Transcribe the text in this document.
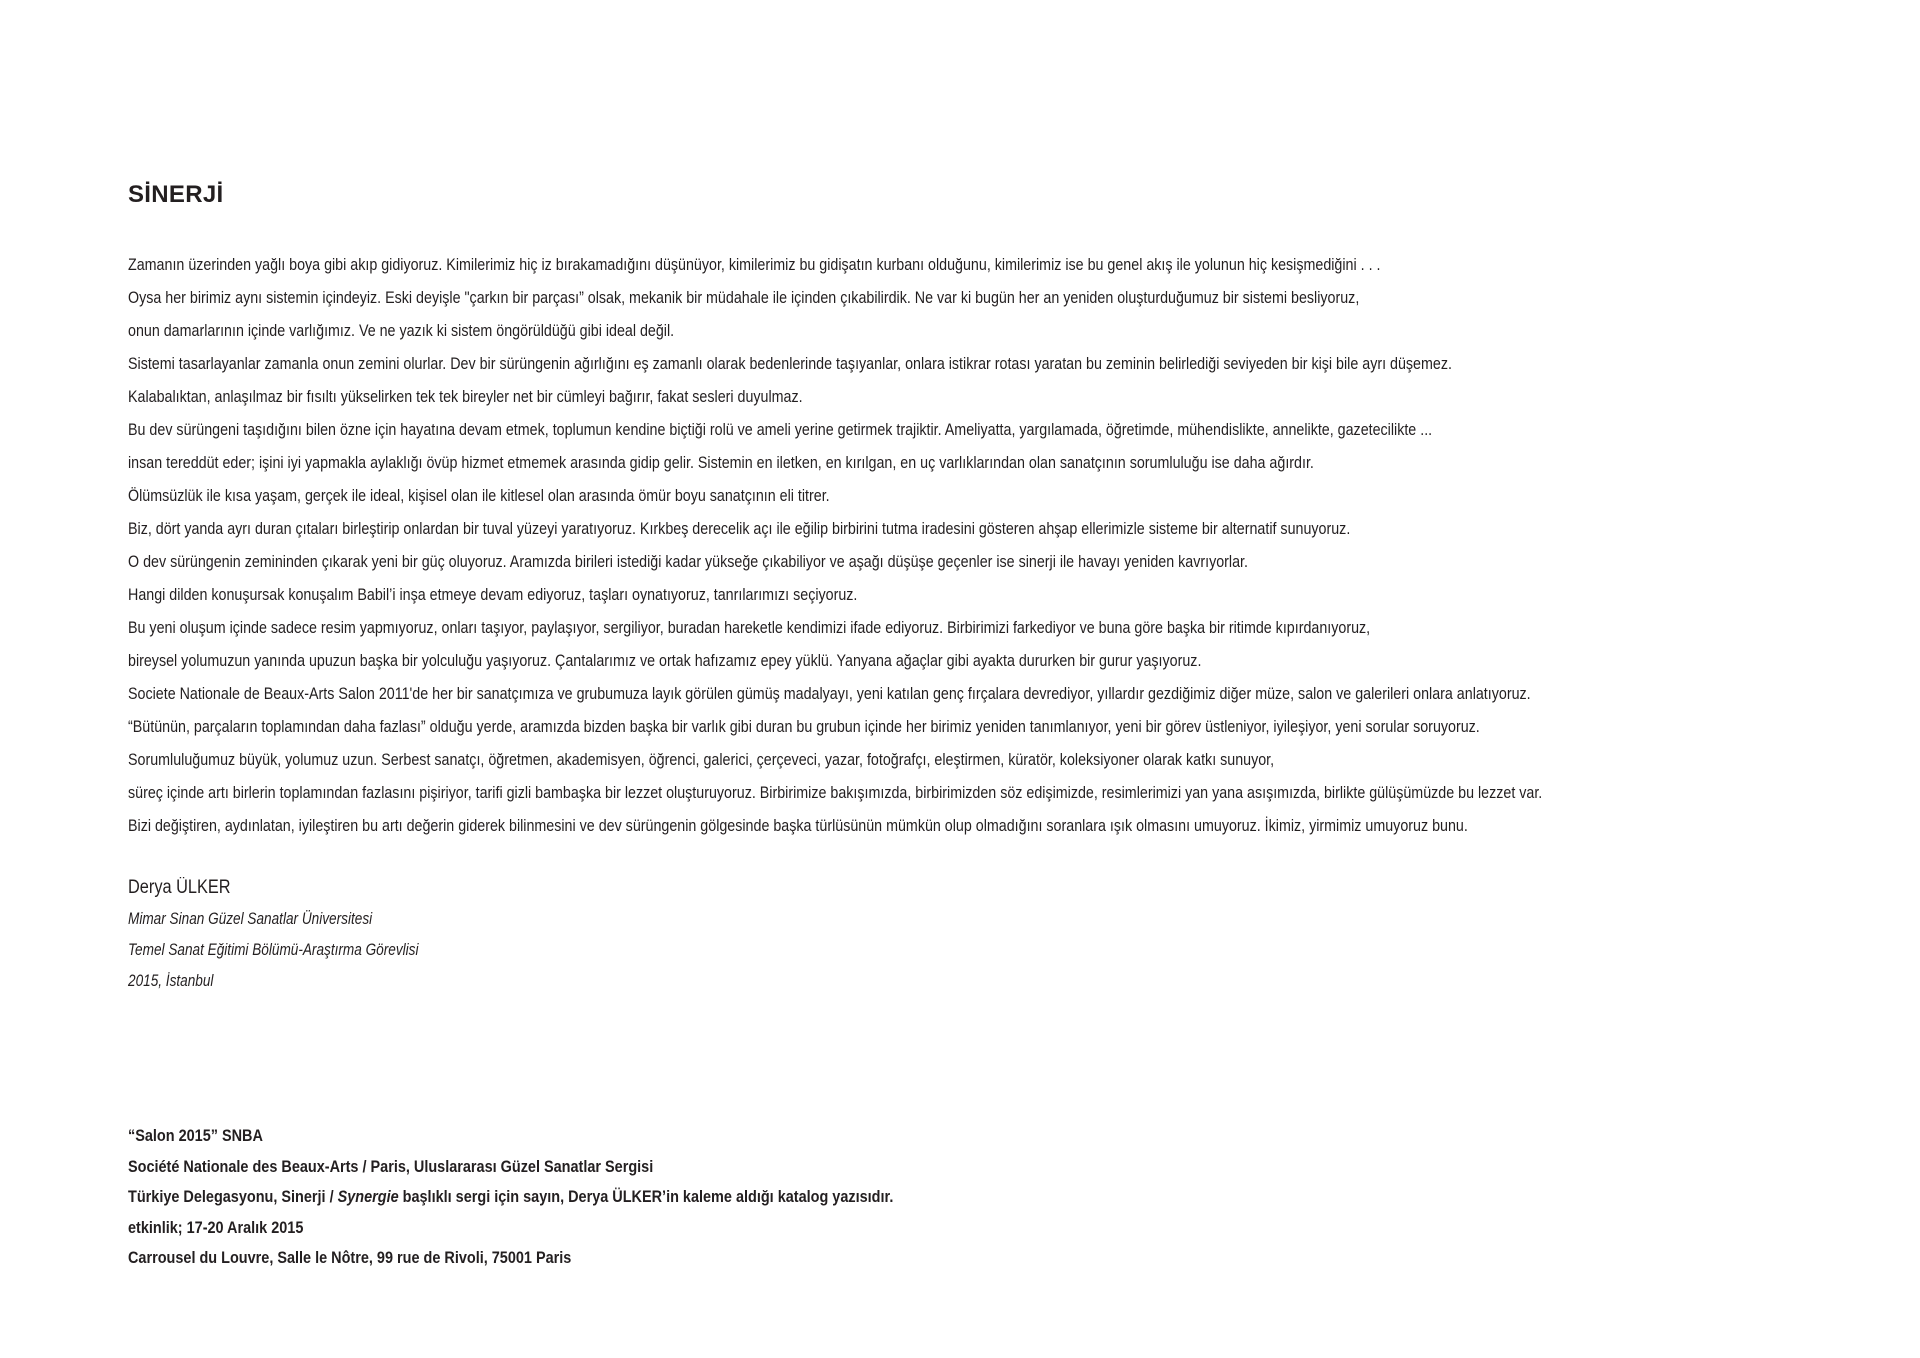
SİNERJİ
Zamanın üzerinden yağlı boya gibi akıp gidiyoruz. Kimilerimiz hiç iz bırakamadığını düşünüyor, kimilerimiz bu gidişatın kurbanı olduğunu, kimilerimiz ise bu genel akış ile yolunun hiç kesişmediğini . . .
Oysa her birimiz aynı sistemin içindeyiz. Eski deyişle "çarkın bir parçası” olsak, mekanik bir müdahale ile içinden çıkabilirdik. Ne var ki bugün her an yeniden oluşturduğumuz bir sistemi besliyoruz,
onun damarlarının içinde varlığımız. Ve ne yazık ki sistem öngörüldüğü gibi ideal değil.
Sistemi tasarlayanlar zamanla onun zemini olurlar. Dev bir sürüngenin ağırlığını eş zamanlı olarak bedenlerinde taşıyanlar, onlara istikrar rotası yaratan bu zeminin belirlediği seviyeden bir kişi bile ayrı düşemez.
Kalabalıktan, anlaşılmaz bir fısıltı yükselirken tek tek bireyler net bir cümleyi bağırır, fakat sesleri duyulmaz.
Bu dev sürüngeni taşıdığını bilen özne için hayatına devam etmek, toplumun kendine biçtiği rolü ve ameli yerine getirmek trajiktir. Ameliyatta, yargılamada, öğretimde, mühendislikte, annelikte, gazetecilikte ...
insan tereddüt eder; işini iyi yapmakla aylaklığı övüp hizmet etmemek arasında gidip gelir. Sistemin en iletken, en kırılgan, en uç varlıklarından olan sanatçının sorumluluğu ise daha ağırdır.
Ölümsüzlük ile kısa yaşam, gerçek ile ideal, kişisel olan ile kitlesel olan arasında ömür boyu sanatçının eli titrer.
Biz, dört yanda ayrı duran çıtaları birleştirip onlardan bir tuval yüzeyi yaratıyoruz. Kırkbeş derecelik açı ile eğilip birbirini tutma iradesini gösteren ahşap ellerimizle sisteme bir alternatif sunuyoruz.
O dev sürüngenin zemininden çıkarak yeni bir güç oluyoruz. Aramızda birileri istediği kadar yükseğe çıkabiliyor ve aşağı düşüşe geçenler ise sinerji ile havayı yeniden kavrıyorlar.
Hangi dilden konuşursak konuşalım Babil’i inşa etmeye devam ediyoruz, taşları oynatıyoruz, tanrılarımızı seçiyoruz.
Bu yeni oluşum içinde sadece resim yapmıyoruz, onları taşıyor, paylaşıyor, sergiliyor, buradan hareketle kendimizi ifade ediyoruz. Birbirimizi farkediyor ve buna göre başka bir ritimde kıpırdanıyoruz,
bireysel yolumuzun yanında upuzun başka bir yolculuğu yaşıyoruz. Çantalarımız ve ortak hafızamız epey yüklü. Yanyana ağaçlar gibi ayakta dururken bir gurur yaşıyoruz.
Societe Nationale de Beaux-Arts Salon 2011'de her bir sanatçımıza ve grubumuza layık görülen gümüş madalyayı, yeni katılan genç fırçalara devrediyor, yıllardır gezdiğimiz diğer müze, salon ve galerileri onlara anlatıyoruz.
“Bütünün, parçaların toplamından daha fazlası” olduğu yerde, aramızda bizden başka bir varlık gibi duran bu grubun içinde her birimiz yeniden tanımlanıyor, yeni bir görev üstleniyor, iyileşiyor, yeni sorular soruyoruz.
Sorumluluğumuz büyük, yolumuz uzun. Serbest sanatçı, öğretmen, akademisyen, öğrenci, galerici, çerçeveci, yazar, fotoğrafçı, eleştirmen, küratör, koleksiyoner olarak katkı sunuyor,
süreç içinde artı birlerin toplamından fazlasını pişiriyor, tarifi gizli bambaşka bir lezzet oluşturuyoruz. Birbirimize bakışımızda, birbirimizden söz edişimizde, resimlerimizi yan yana asışımızda, birlikte gülüşümüzde bu lezzet var.
Bizi değiştiren, aydınlatan, iyileştiren bu artı değerin giderek bilinmesini ve dev sürüngenin gölgesinde başka türlüsünün mümkün olup olmadığını soranlara ışık olmasını umuyoruz. İkimiz, yirmimiz umuyoruz bunu.
Derya ÜLKER
Mimar Sinan Güzel Sanatlar Üniversitesi
Temel Sanat Eğitimi Bölümü-Araştırma Görevlisi
2015, İstanbul
“Salon 2015” SNBA
Société Nationale des Beaux-Arts / Paris, Uluslararası Güzel Sanatlar Sergisi
Türkiye Delegasyonu, Sinerji / Synergie başlıklı sergi için sayın, Derya ÜLKER’in kaleme aldığı katalog yazısıdır.
etkinlik; 17-20 Aralık 2015
Carrousel du Louvre, Salle le Nôtre, 99 rue de Rivoli, 75001 Paris
